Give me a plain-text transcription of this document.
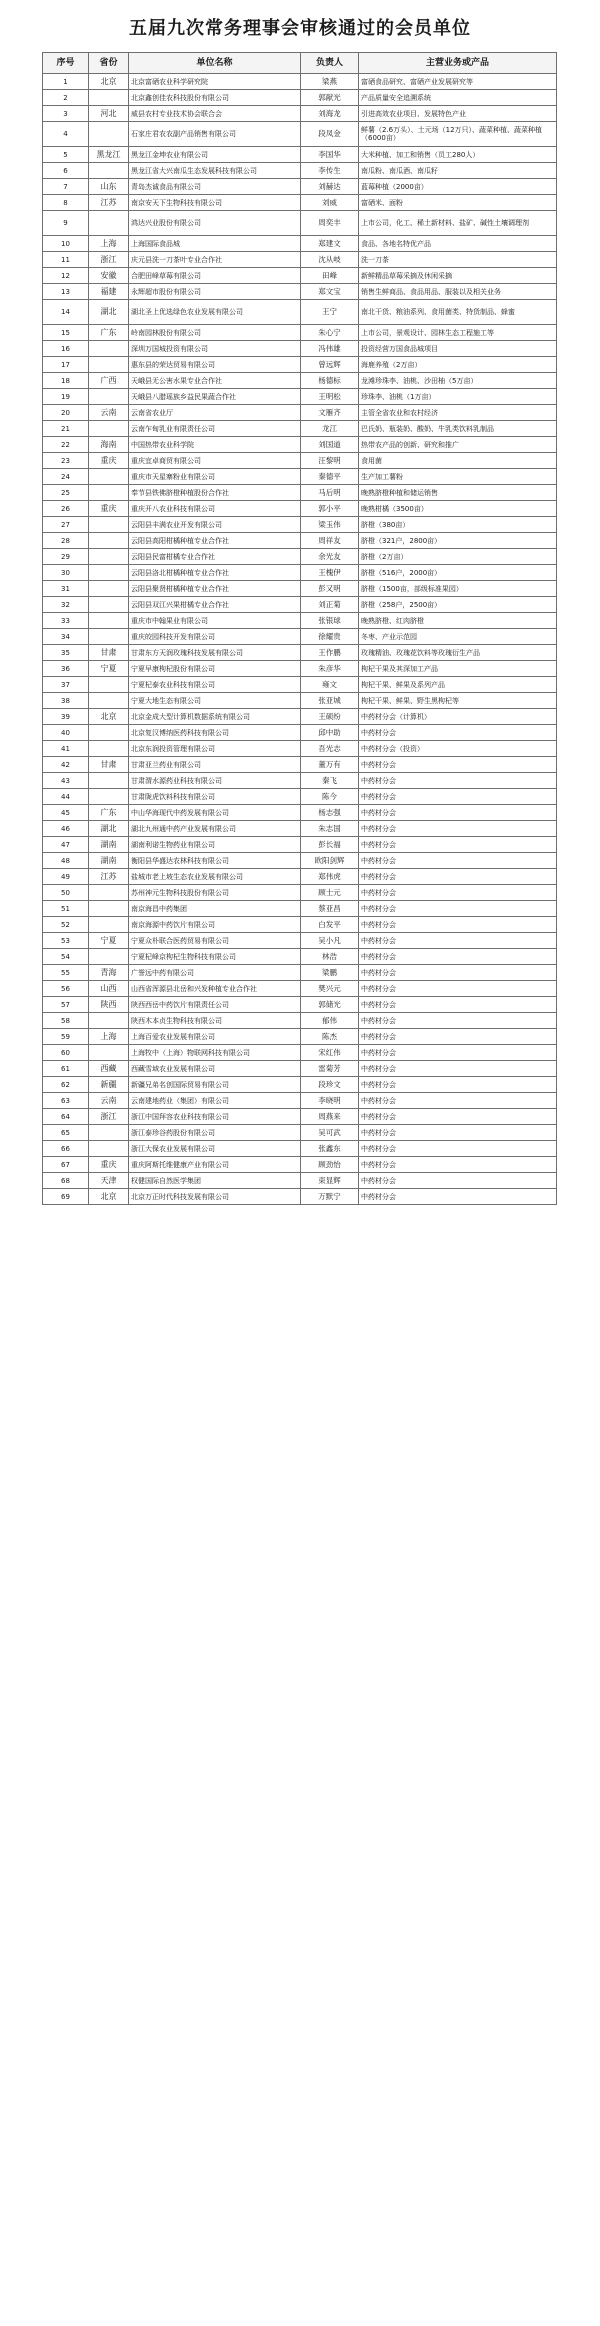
五届九次常务理事会审核通过的会员单位
序号	省份	单位名称	负责人	主营业务或产品
1	北京	北京富硒农业科学研究院	梁燕	富硒食品研究、富硒产业发展研究等
2		北京鑫创佳农科技股份有限公司	郭献光	产品质量安全追溯系统
3	河北	威县农村专业技术协会联合会	刘海龙	引进高效农业项目、发展特色产业
4		石家庄君农农副产品销售有限公司	段凤金	鲜薯（2.6万头）、土元场（12万只）、蔬菜种植、蔬菜种植（6000亩）
5	黑龙江	黑龙江金坤农业有限公司	李国华	大米种植、加工和销售（员工280人）
6		黑龙江省大兴南瓜生态发展科技有限公司	李传生	南瓜粉、南瓜酒、南瓜籽
7	山东	青岛杰诚食品有限公司	刘赫达	蓝莓种植（2000亩）
8	江苏	南京安天下生物科技有限公司	刘威	富硒米、面粉
9		鸿达兴业股份有限公司	周奕丰	上市公司，化工、稀土新材料、盐矿、碱性土壤调理剂
10	上海	上海国际食品城	郑建文	食品、各地名特优产品
11	浙江	庆元县洗一刀茶叶专业合作社	沈从岐	洗一刀茶
12	安徽	合肥田峰草莓有限公司	田峰	新鲜精品草莓采摘及休闲采摘
13	福建	永辉超市股份有限公司	郑文宝	销售生鲜商品、食品用品、服装以及相关业务
14	湖北	湖北圣上优选绿色农业发展有限公司	王宁	南北干货、粮油系列、食用菌类、特货制品、蜂蜜
15	广东	岭南园林股份有限公司	朱心宁	上市公司，景观设计、园林生态工程施工等
16		深圳万国城投资有限公司	冯伟雄	投资经营万国食品城项目
17		惠东县的荣达贸易有限公司	曾远辉	海鹿养殖（2万亩）
18	广西	天峨县无公害水果专业合作社	杨德标	龙滩珍珠李、油桃、沙田柚（5万亩）
19		天峨县八腊瑶族乡益民果蔬合作社	王明松	珍珠李、油桃（1万亩）
20	云南	云南省农业厅	文雁齐	主管全省农业和农村经济
21		云南乍甸乳业有限责任公司	龙江	巴氏奶、瓶装奶、酸奶、牛乳类饮料乳制品
22	海南	中国热带农业科学院	刘国道	热带农产品的创新、研究和推广
23	重庆	重庆宜卓商贸有限公司	汪黎明	食用菌
24		重庆市天星寨粉业有限公司	秦德平	生产加工薯粉
25		奉节县铁佛脐橙种植股份合作社	马后明	晚熟脐橙种植和储运销售
26	重庆	重庆开八农业科技有限公司	郭小平	晚熟柑橘（3500亩）
27		云阳县丰满农业开发有限公司	梁玉伟	脐橙（380亩）
28		云阳县高阳柑橘种植专业合作社	周祥友	脐橙（321户，2800亩）
29		云阳县民富柑橘专业合作社	余光友	脐橙（2万亩）
30		云阳县洛北柑橘种植专业合作社	王槐伊	脐橙（516户，2000亩）
31		云阳县聚贤柑橘种植专业合作社	彭又明	脐橙（1500亩，部级标准果园）
32		云阳县双江兴果柑橘专业合作社	刘正菊	脐橙（258户，2500亩）
33		重庆市中翰果业有限公司	张银球	晚熟脐橙、红肉脐橙
34		重庆皎园科技开发有限公司	徐耀贵	冬枣、产业示范园
35	甘肃	甘肃东方天润玫瑰科技发展有限公司	王作鹏	玫瑰精油、玫瑰花饮料等玫瑰衍生产品
36	宁夏	宁夏早康枸杞股份有限公司	朱彦华	枸杞干果及其深加工产品
37		宁夏杞泰农业科技有限公司	雍文	枸杞干果、鲜果及系列产品
38		宁夏大地生态有限公司	张亚城	枸杞干果、鲜果、野生黑枸杞等
39	北京	北京金成大型计算机数据系统有限公司	王硕纷	中药材分会（计算机）
40		北京复汉博纳医药科技有限公司	邱中助	中药材分会
41		北京东润投资管理有限公司	吾光志	中药材分会（投资）
42	甘肃	甘肃亚兰药业有限公司	董万有	中药材分会
43		甘肃渭水源药业科技有限公司	秦飞	中药材分会
44		甘肃陇虎饮料科技有限公司	陈今	中药材分会
45	广东	中山华海现代中药发展有限公司	杨志强	中药材分会
46	湖北	湖北九州通中药产业发展有限公司	朱志国	中药材分会
47	湖南	湖南利诺生物药业有限公司	彭长福	中药材分会
48	湖南	衡阳县华盛达农林科技有限公司	欧阳剑辉	中药材分会
49	江苏	盐城市老上坡生态农业发展有限公司	郑伟虎	中药材分会
50		苏州神元生物科技股份有限公司	顾士元	中药材分会
51		南京海昌中药集团	蔡亚昌	中药材分会
52		南京海源中药饮片有限公司	白发平	中药材分会
53	宁夏	宁夏众朴联合医药贸易有限公司	吴小凡	中药材分会
54		宁夏杞峰京枸杞生物科技有限公司	林浩	中药材分会
55	青海	广誉远中药有限公司	梁鹏	中药材分会
56	山西	山西省浑源县北岳和兴发种植专业合作社	樊兴元	中药材分会
57	陕西	陕西西岳中药饮片有限责任公司	郭储光	中药材分会
58		陕西木本贞生物科技有限公司	郁伟	中药材分会
59	上海	上海百爱农业发展有限公司	陈杰	中药材分会
60		上海牧中（上海）物联网科技有限公司	宋红伟	中药材分会
61	西藏	西藏雪域农业发展有限公司	雷菊芳	中药材分会
62	新疆	新疆兄弟名创国际贸易有限公司	段珍文	中药材分会
63	云南	云南建地药业（集团）有限公司	李晓明	中药材分会
64	浙江	浙江中国拜容农业科技有限公司	周燕来	中药材分会
65		浙江泰珍谷药股份有限公司	吴可武	中药材分会
66		浙江大保农业发展有限公司	张鑫东	中药材分会
67	重庆	重庆阿斯托维健康产业有限公司	顾劲怡	中药材分会
68	天津	权健国际自然医学集团	束显辉	中药材分会
69	北京	北京万正时代科技发展有限公司	万默宁	中药材分会
